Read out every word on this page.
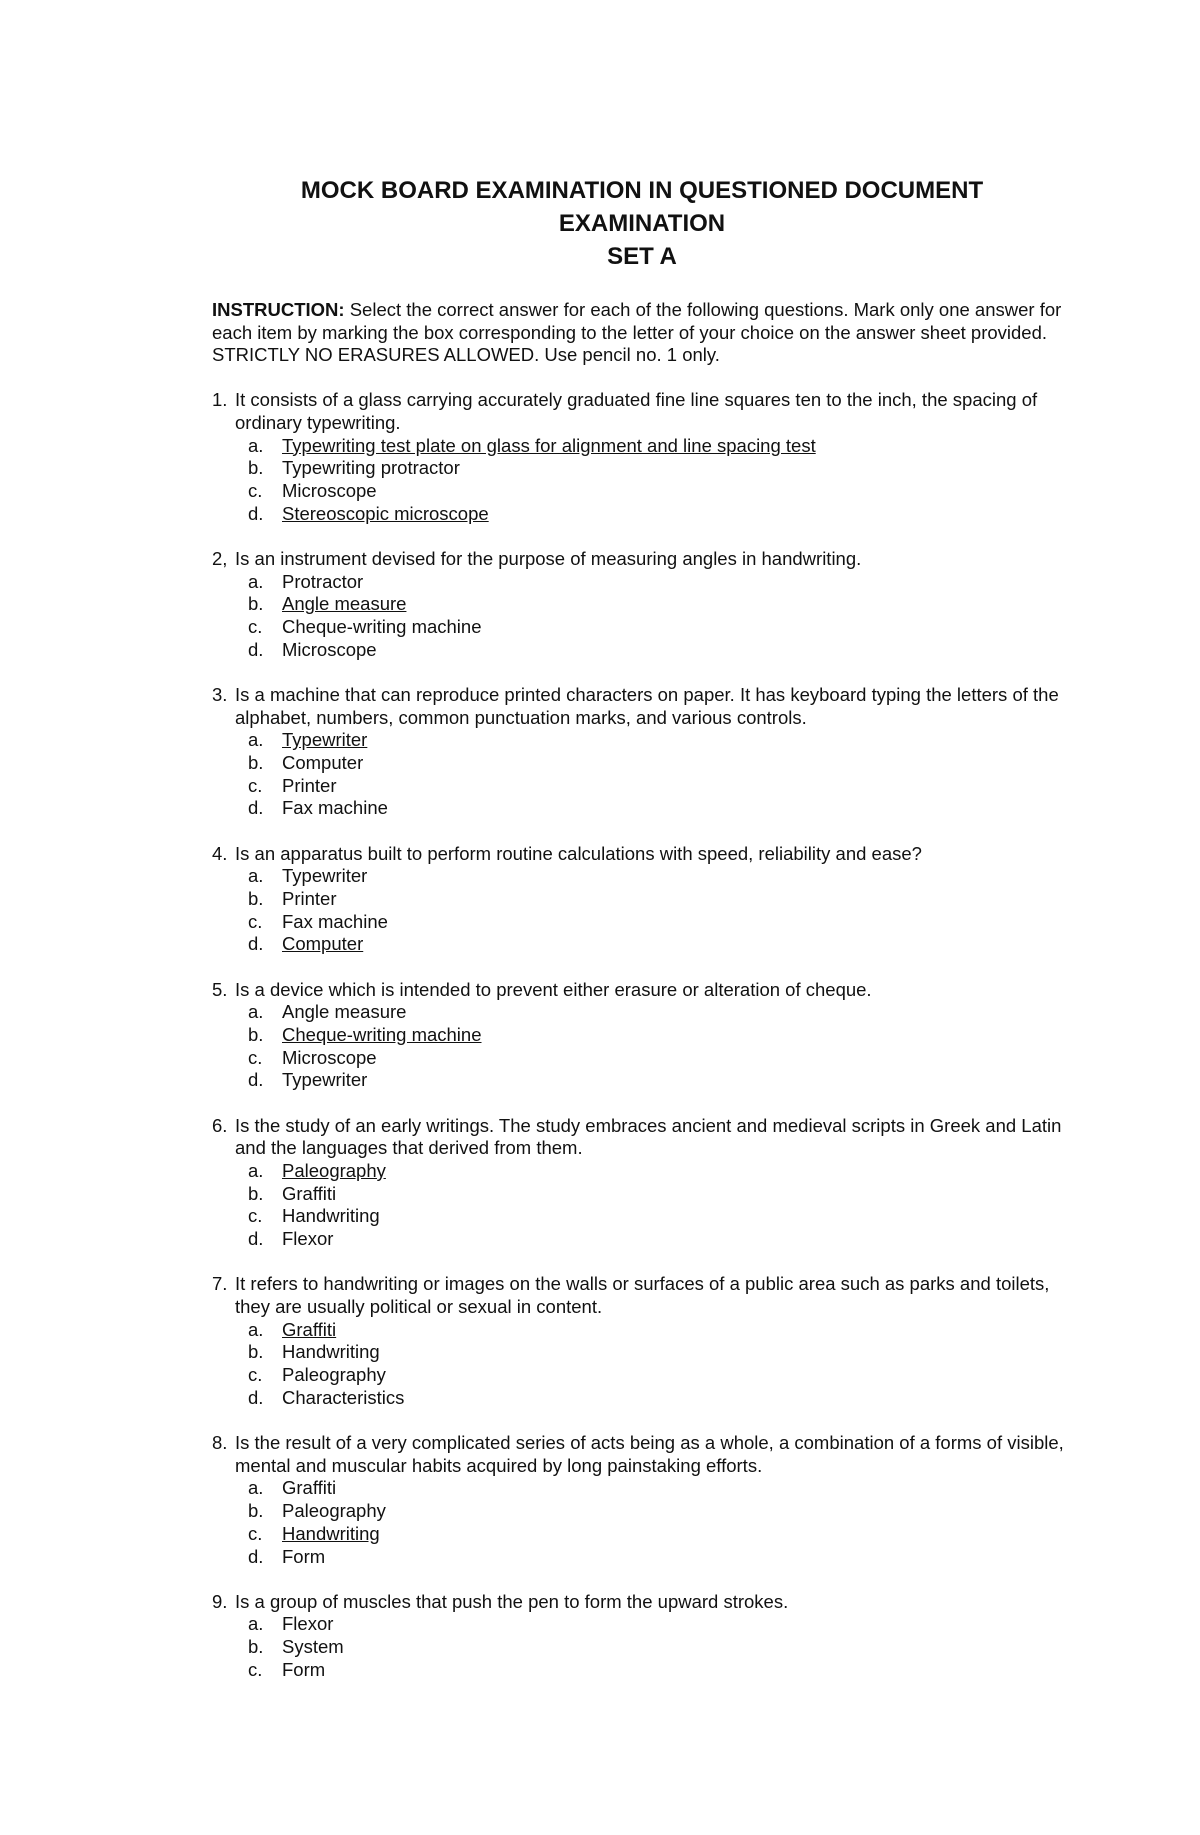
MOCK BOARD EXAMINATION IN QUESTIONED DOCUMENT
EXAMINATION
SET A
INSTRUCTION: Select the correct answer for each of the following questions. Mark only one answer for each item by marking the box corresponding to the letter of your choice on the answer sheet provided. STRICTLY NO ERASURES ALLOWED. Use pencil no. 1 only.
1. It consists of a glass carrying accurately graduated fine line squares ten to the inch, the spacing of ordinary typewriting.
a. Typewriting test plate on glass for alignment and line spacing test
b. Typewriting protractor
c. Microscope
d. Stereoscopic microscope
2, Is an instrument devised for the purpose of measuring angles in handwriting.
a. Protractor
b. Angle measure
c. Cheque-writing machine
d. Microscope
3. Is a machine that can reproduce printed characters on paper. It has keyboard typing the letters of the alphabet, numbers, common punctuation marks, and various controls.
a. Typewriter
b. Computer
c. Printer
d. Fax machine
4. Is an apparatus built to perform routine calculations with speed, reliability and ease?
a. Typewriter
b. Printer
c. Fax machine
d. Computer
5. Is a device which is intended to prevent either erasure or alteration of cheque.
a. Angle measure
b. Cheque-writing machine
c. Microscope
d. Typewriter
6. Is the study of an early writings. The study embraces ancient and medieval scripts in Greek and Latin and the languages that derived from them.
a. Paleography
b. Graffiti
c. Handwriting
d. Flexor
7. It refers to handwriting or images on the walls or surfaces of a public area such as parks and toilets, they are usually political or sexual in content.
a. Graffiti
b. Handwriting
c. Paleography
d. Characteristics
8. Is the result of a very complicated series of acts being as a whole, a combination of a forms of visible, mental and muscular habits acquired by long painstaking efforts.
a. Graffiti
b. Paleography
c. Handwriting
d. Form
9. Is a group of muscles that push the pen to form the upward strokes.
a. Flexor
b. System
c. Form
